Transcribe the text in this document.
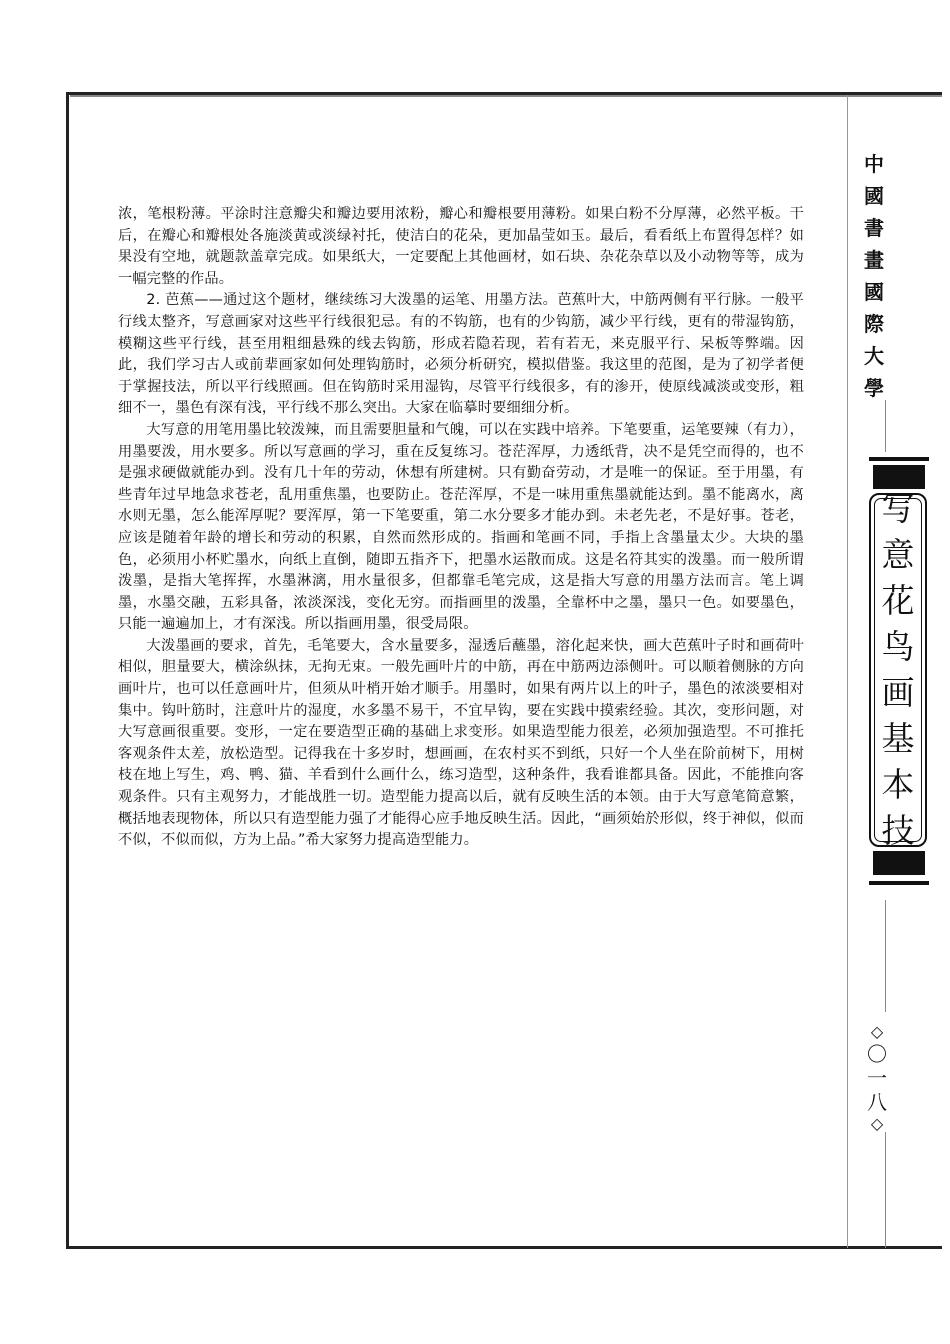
浓，笔根粉薄。平涂时注意瓣尖和瓣边要用浓粉，瓣心和瓣根要用薄粉。如果白粉不分厚薄，必然平板。干后，在瓣心和瓣根处各施淡黄或淡绿衬托，使洁白的花朵，更加晶莹如玉。最后，看看纸上布置得怎样？如果没有空地，就题款盖章完成。如果纸大，一定要配上其他画材，如石块、杂花杂草以及小动物等等，成为一幅完整的作品。

2. 芭蕉——通过这个题材，继续练习大泼墨的运笔、用墨方法。芭蕉叶大，中筋两侧有平行脉。一般平行线太整齐，写意画家对这些平行线很犯忌。有的不钩筋，也有的少钩筋，减少平行线，更有的带湿钩筋，模糊这些平行线，甚至用粗细悬殊的线去钩筋，形成若隐若现，若有若无，来克服平行、呆板等弊端。因此，我们学习古人或前辈画家如何处理钩筋时，必须分析研究，模拟借鉴。我这里的范图，是为了初学者便于掌握技法，所以平行线照画。但在钩筋时采用湿钩，尽管平行线很多，有的渗开，使原线减淡或变形，粗细不一，墨色有深有浅，平行线不那么突出。大家在临摹时要细细分析。

大写意的用笔用墨比较泼辣，而且需要胆量和气魄，可以在实践中培养。下笔要重，运笔要辣（有力），用墨要泼，用水要多。所以写意画的学习，重在反复练习。苍茫浑厚，力透纸背，决不是凭空而得的，也不是强求硬做就能办到。没有几十年的劳动，休想有所建树。只有勤奋劳动，才是唯一的保证。至于用墨，有些青年过早地急求苍老，乱用重焦墨，也要防止。苍茫浑厚，不是一味用重焦墨就能达到。墨不能离水，离水则无墨，怎么能浑厚呢？要浑厚，第一下笔要重，第二水分要多才能办到。未老先老，不是好事。苍老，应该是随着年龄的增长和劳动的积累，自然而然形成的。指画和笔画不同，手指上含墨量太少。大块的墨色，必须用小杯贮墨水，向纸上直倒，随即五指齐下，把墨水运散而成。这是名符其实的泼墨。而一般所谓泼墨，是指大笔挥挥，水墨淋漓，用水量很多，但都靠毛笔完成，这是指大写意的用墨方法而言。笔上调墨，水墨交融，五彩具备，浓淡深浅，变化无穷。而指画里的泼墨，全靠杯中之墨，墨只一色。如要墨色，只能一遍遍加上，才有深浅。所以指画用墨，很受局限。

大泼墨画的要求，首先，毛笔要大，含水量要多，湿透后蘸墨，溶化起来快，画大芭蕉叶子时和画荷叶相似，胆量要大，横涂纵抹，无拘无束。一般先画叶片的中筋，再在中筋两边添侧叶。可以顺着侧脉的方向画叶片，也可以任意画叶片，但须从叶梢开始才顺手。用墨时，如果有两片以上的叶子，墨色的浓淡要相对集中。钩叶筋时，注意叶片的湿度，水多墨不易干，不宜早钩，要在实践中摸索经验。其次，变形问题，对大写意画很重要。变形，一定在要造型正确的基础上求变形。如果造型能力很差，必须加强造型。不可推托客观条件太差，放松造型。记得我在十多岁时，想画画，在农村买不到纸，只好一个人坐在阶前树下，用树枝在地上写生，鸡、鸭、猫、羊看到什么画什么，练习造型，这种条件，我看谁都具备。因此，不能推向客观条件。只有主观努力，才能战胜一切。造型能力提高以后，就有反映生活的本领。由于大写意笔简意繁，概括地表现物体，所以只有造型能力强了才能得心应手地反映生活。因此，“画须始於形似，终于神似，似而不似，不似而似，方为上品。”希大家努力提高造型能力。

中
國
書
畫
國
際
大
學
写
意
花
鸟
画
基
本
技
◇
〇
一
八
◇
